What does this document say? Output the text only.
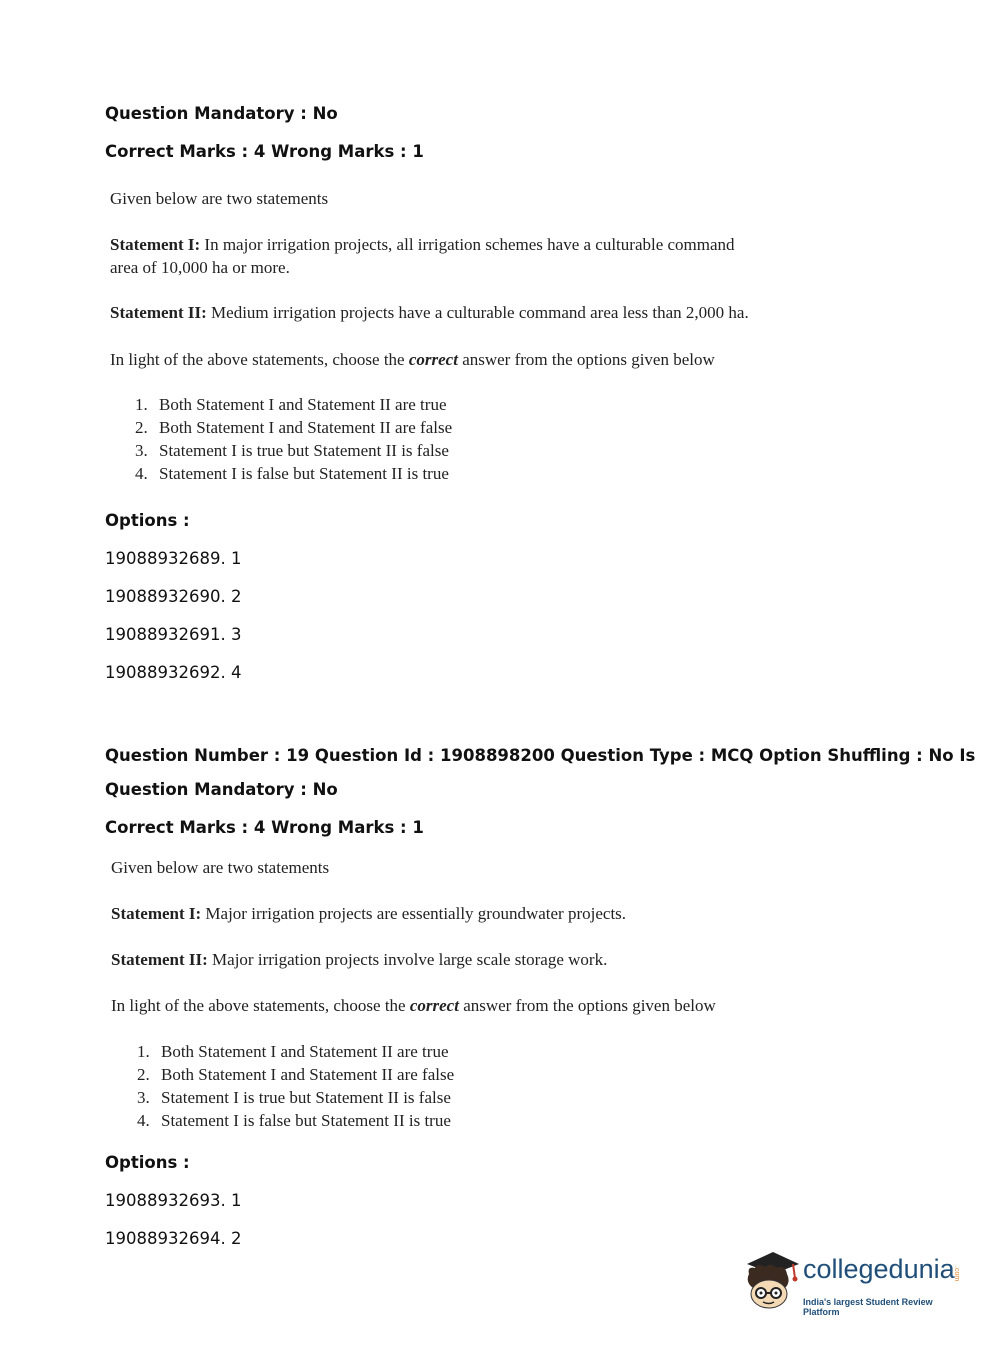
Question Mandatory : No
Correct Marks : 4 Wrong Marks : 1
Given below are two statements
Statement I: In major irrigation projects, all irrigation schemes have a culturable command
area of 10,000 ha or more.
Statement II: Medium irrigation projects have a culturable command area less than 2,000 ha.
In light of the above statements, choose the correct answer from the options given below
1. Both Statement I and Statement II are true
2. Both Statement I and Statement II are false
3. Statement I is true but Statement II is false
4. Statement I is false but Statement II is true
Options :
19088932689. 1
19088932690. 2
19088932691. 3
19088932692. 4
Question Number : 19 Question Id : 1908898200 Question Type : MCQ Option Shuffling : No Is
Question Mandatory : No
Correct Marks : 4 Wrong Marks : 1
Given below are two statements
Statement I: Major irrigation projects are essentially groundwater projects.
Statement II: Major irrigation projects involve large scale storage work.
In light of the above statements, choose the correct answer from the options given below
1. Both Statement I and Statement II are true
2. Both Statement I and Statement II are false
3. Statement I is true but Statement II is false
4. Statement I is false but Statement II is true
Options :
19088932693. 1
19088932694. 2
collegedunia
.com
India's largest Student Review Platform
